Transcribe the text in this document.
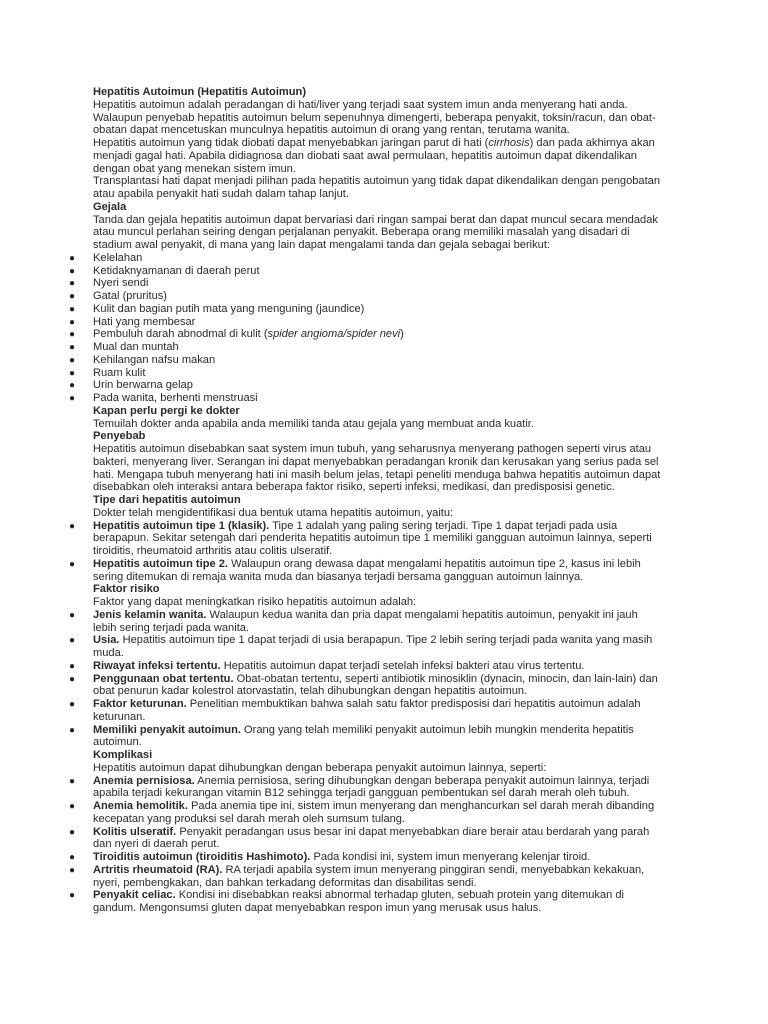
Hepatitis Autoimun (Hepatitis Autoimun)

Hepatitis autoimun adalah peradangan di hati/liver yang terjadi saat system imun anda menyerang hati anda. Walaupun penyebab hepatitis autoimun belum sepenuhnya dimengerti, beberapa penyakit, toksin/racun, dan obat-obatan dapat mencetuskan munculnya hepatitis autoimun di orang yang rentan, terutama wanita.

Hepatitis autoimun yang tidak diobati dapat menyebabkan jaringan parut di hati (cirrhosis) dan pada akhirnya akan menjadi gagal hati. Apabila didiagnosa dan diobati saat awal permulaan, hepatitis autoimun dapat dikendalikan dengan obat yang menekan sistem imun.

Transplantasi hati dapat menjadi pilihan pada hepatitis autoimun yang tidak dapat dikendalikan dengan pengobatan atau apabila penyakit hati sudah dalam tahap lanjut.

Gejala

Tanda dan gejala hepatitis autoimun dapat bervariasi dari ringan sampai berat dan dapat muncul secara mendadak atau muncul perlahan seiring dengan perjalanan penyakit. Beberapa orang memiliki masalah yang disadari di stadium awal penyakit, di mana yang lain dapat mengalami tanda dan gejala sebagai berikut:

● Kelelahan
● Ketidaknyamanan di daerah perut
● Nyeri sendi
● Gatal (pruritus)
● Kulit dan bagian putih mata yang menguning (jaundice)
● Hati yang membesar
● Pembuluh darah abnodmal di kulit (spider angioma/spider nevi)
● Mual dan muntah
● Kehilangan nafsu makan
● Ruam kulit
● Urin berwarna gelap
● Pada wanita, berhenti menstruasi

Kapan perlu pergi ke dokter

Temuilah dokter anda apabila anda memiliki tanda atau gejala yang membuat anda kuatir.

Penyebab

Hepatitis autoimun disebabkan saat system imun tubuh, yang seharusnya menyerang pathogen seperti virus atau bakteri, menyerang liver. Serangan ini dapat menyebabkan peradangan kronik dan kerusakan yang serius pada sel hati. Mengapa tubuh menyerang hati ini masih belum jelas, tetapi peneliti menduga bahwa hepatitis autoimun dapat disebabkan oleh interaksi antara beberapa faktor risiko, seperti infeksi, medikasi, dan predisposisi genetic.

Tipe dari hepatitis autoimun

Dokter telah mengidentifikasi dua bentuk utama hepatitis autoimun, yaitu:

● Hepatitis autoimun tipe 1 (klasik). Tipe 1 adalah yang paling sering terjadi. Tipe 1 dapat terjadi pada usia berapapun. Sekitar setengah dari penderita hepatitis autoimun tipe 1 memiliki gangguan autoimun lainnya, seperti tiroiditis, rheumatoid arthritis atau colitis ulseratif.
● Hepatitis autoimun tipe 2. Walaupun orang dewasa dapat mengalami hepatitis autoimun tipe 2, kasus ini lebih sering ditemukan di remaja wanita muda dan biasanya terjadi bersama gangguan autoimun lainnya.

Faktor risiko

Faktor yang dapat meningkatkan risiko hepatitis autoimun adalah:

● Jenis kelamin wanita. Walaupun kedua wanita dan pria dapat mengalami hepatitis autoimun, penyakit ini jauh lebih sering terjadi pada wanita.
● Usia. Hepatitis autoimun tipe 1 dapat terjadi di usia berapapun. Tipe 2 lebih sering terjadi pada wanita yang masih muda.
● Riwayat infeksi tertentu. Hepatitis autoimun dapat terjadi setelah infeksi bakteri atau virus tertentu.
● Penggunaan obat tertentu. Obat-obatan tertentu, seperti antibiotik minosiklin (dynacin, minocin, dan lain-lain) dan obat penurun kadar kolestrol atorvastatin, telah dihubungkan dengan hepatitis autoimun.
● Faktor keturunan. Penelitian membuktikan bahwa salah satu faktor predisposisi dari hepatitis autoimun adalah keturunan.
● Memiliki penyakit autoimun. Orang yang telah memiliki penyakit autoimun lebih mungkin menderita hepatitis autoimun.

Komplikasi

Hepatitis autoimun dapat dihubungkan dengan beberapa penyakit autoimun lainnya, seperti:

● Anemia pernisiosa. Anemia pernisiosa, sering dihubungkan dengan beberapa penyakit autoimun lainnya, terjadi apabila terjadi kekurangan vitamin B12 sehingga terjadi gangguan pembentukan sel darah merah oleh tubuh.
● Anemia hemolitik. Pada anemia tipe ini, sistem imun menyerang dan menghancurkan sel darah merah dibanding kecepatan yang produksi sel darah merah oleh sumsum tulang.
● Kolitis ulseratif. Penyakit peradangan usus besar ini dapat menyebabkan diare berair atau berdarah yang parah dan nyeri di daerah perut.
● Tiroiditis autoimun (tiroiditis Hashimoto). Pada kondisi ini, system imun menyerang kelenjar tiroid.
● Artritis rheumatoid (RA). RA terjadi apabila system imun menyerang pinggiran sendi, menyebabkan kekakuan, nyeri, pembengkakan, dan bahkan terkadang deformitas dan disabilitas sendi.
● Penyakit celiac. Kondisi ini disebabkan reaksi abnormal terhadap gluten, sebuah protein yang ditemukan di gandum. Mengonsumsi gluten dapat menyebabkan respon imun yang merusak usus halus.
